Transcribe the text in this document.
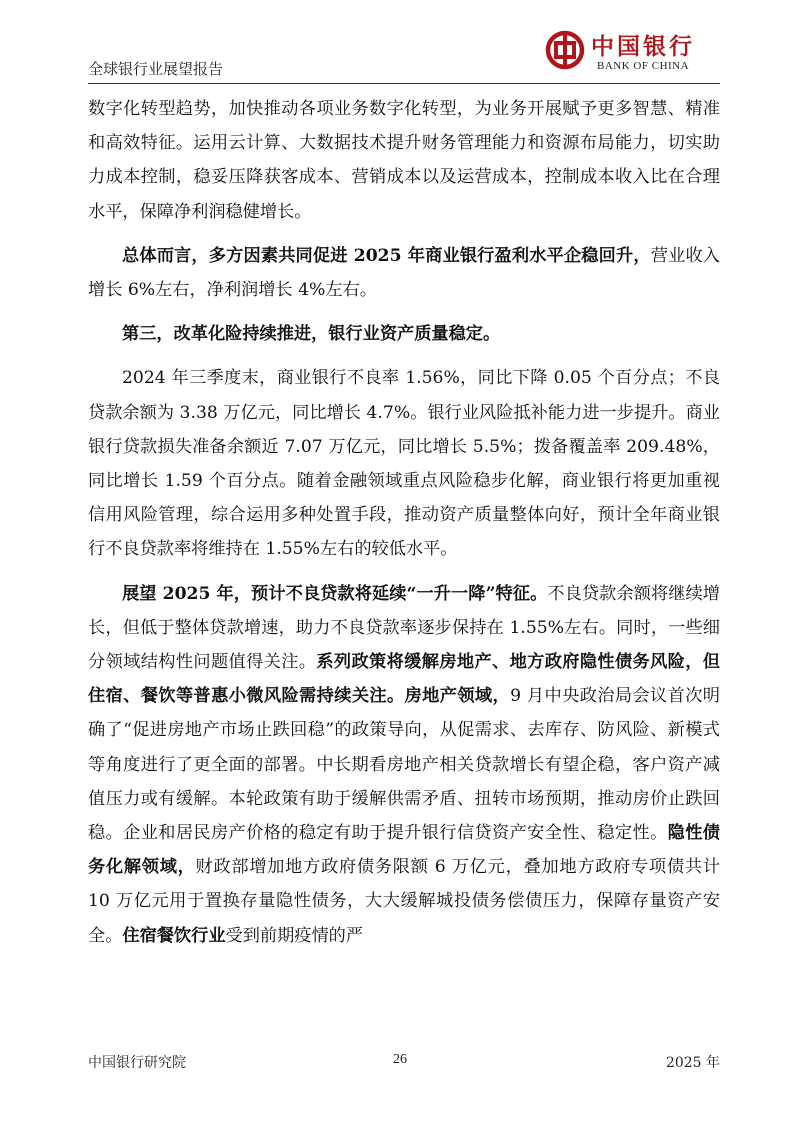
全球银行业展望报告
中国银行
BANK OF CHINA

数字化转型趋势，加快推动各项业务数字化转型，为业务开展赋予更多智慧、精准和高效特征。运用云计算、大数据技术提升财务管理能力和资源布局能力，切实助力成本控制，稳妥压降获客成本、营销成本以及运营成本，控制成本收入比在合理水平，保障净利润稳健增长。

总体而言，多方因素共同促进 2025 年商业银行盈利水平企稳回升，营业收入增长 6%左右，净利润增长 4%左右。

第三，改革化险持续推进，银行业资产质量稳定。

2024 年三季度末，商业银行不良率 1.56%，同比下降 0.05 个百分点；不良贷款余额为 3.38 万亿元，同比增长 4.7%。银行业风险抵补能力进一步提升。商业银行贷款损失准备余额近 7.07 万亿元，同比增长 5.5%；拨备覆盖率 209.48%，同比增长 1.59 个百分点。随着金融领域重点风险稳步化解，商业银行将更加重视信用风险管理，综合运用多种处置手段，推动资产质量整体向好，预计全年商业银行不良贷款率将维持在 1.55%左右的较低水平。

展望 2025 年，预计不良贷款将延续“一升一降”特征。不良贷款余额将继续增长，但低于整体贷款增速，助力不良贷款率逐步保持在 1.55%左右。同时，一些细分领域结构性问题值得关注。系列政策将缓解房地产、地方政府隐性债务风险，但住宿、餐饮等普惠小微风险需持续关注。房地产领域，9 月中央政治局会议首次明确了“促进房地产市场止跌回稳”的政策导向，从促需求、去库存、防风险、新模式等角度进行了更全面的部署。中长期看房地产相关贷款增长有望企稳，客户资产减值压力或有缓解。本轮政策有助于缓解供需矛盾、扭转市场预期，推动房价止跌回稳。企业和居民房产价格的稳定有助于提升银行信贷资产安全性、稳定性。隐性债务化解领域，财政部增加地方政府债务限额 6 万亿元，叠加地方政府专项债共计 10 万亿元用于置换存量隐性债务，大大缓解城投债务偿债压力，保障存量资产安全。住宿餐饮行业受到前期疫情的严

中国银行研究院	26	2025 年
